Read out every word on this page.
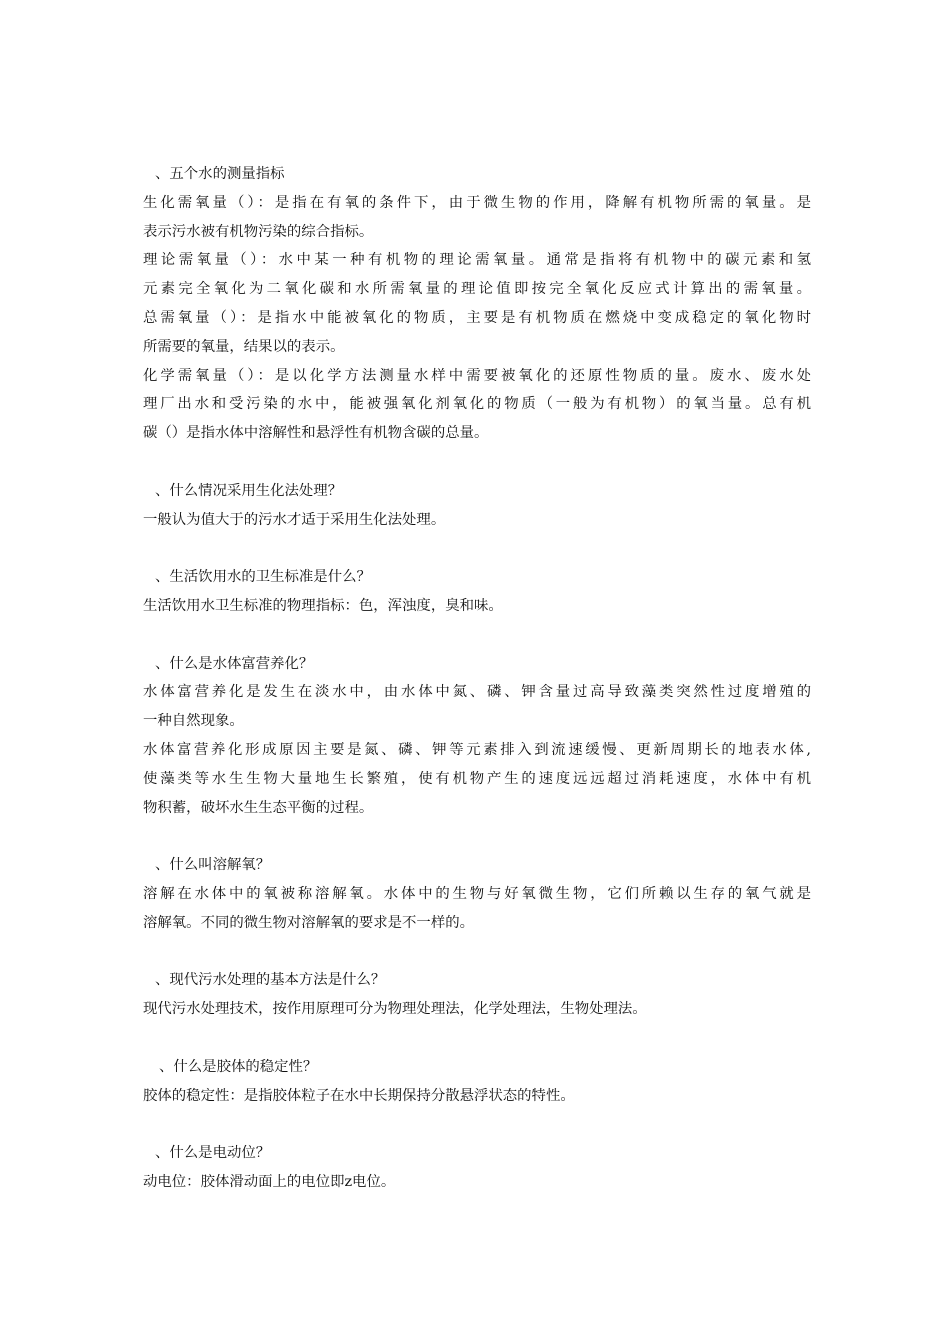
、五个水的测量指标
生化需氧量（）：是指在有氧的条件下，由于微生物的作用，降解有机物所需的氧量。是
表示污水被有机物污染的综合指标。
理论需氧量（）：水中某一种有机物的理论需氧量。通常是指将有机物中的碳元素和氢
元素完全氧化为二氧化碳和水所需氧量的理论值即按完全氧化反应式计算出的需氧量。
总需氧量（）：是指水中能被氧化的物质，主要是有机物质在燃烧中变成稳定的氧化物时
所需要的氧量，结果以的表示。
化学需氧量（）：是以化学方法测量水样中需要被氧化的还原性物质的量。废水、废水处
理厂出水和受污染的水中，能被强氧化剂氧化的物质（一般为有机物）的氧当量。总有机
碳（）是指水体中溶解性和悬浮性有机物含碳的总量。
、什么情况采用生化法处理？
一般认为值大于的污水才适于采用生化法处理。
、生活饮用水的卫生标准是什么？
生活饮用水卫生标准的物理指标：色，浑浊度，臭和味。
、什么是水体富营养化？
水体富营养化是发生在淡水中，由水体中氮、磷、钾含量过高导致藻类突然性过度增殖的
一种自然现象。
水体富营养化形成原因主要是氮、磷、钾等元素排入到流速缓慢、更新周期长的地表水体,
使藻类等水生生物大量地生长繁殖，使有机物产生的速度远远超过消耗速度，水体中有机
物积蓄，破坏水生生态平衡的过程。
、什么叫溶解氧？
溶解在水体中的氧被称溶解氧。水体中的生物与好氧微生物，它们所赖以生存的氧气就是
溶解氧。不同的微生物对溶解氧的要求是不一样的。
、现代污水处理的基本方法是什么？
现代污水处理技术，按作用原理可分为物理处理法，化学处理法，生物处理法。
、什么是胶体的稳定性？
胶体的稳定性：是指胶体粒子在水中长期保持分散悬浮状态的特性。
、什么是电动位？
动电位：胶体滑动面上的电位即z电位。
